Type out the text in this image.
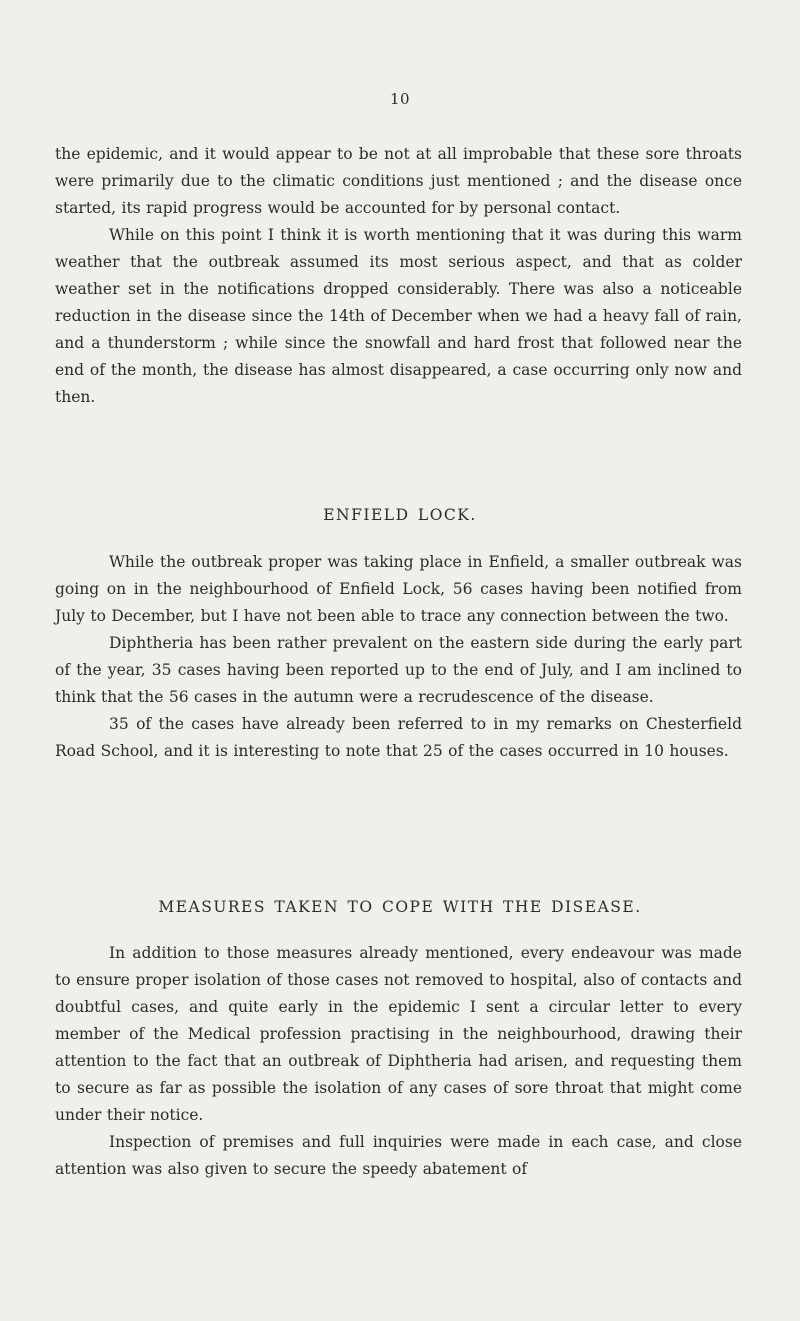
10

the epidemic, and it would appear to be not at all improbable that these sore throats were primarily due to the climatic conditions just mentioned ; and the disease once started, its rapid progress would be accounted for by personal contact.

While on this point I think it is worth mentioning that it was during this warm weather that the outbreak assumed its most serious aspect, and that as colder weather set in the notifications dropped considerably. There was also a noticeable reduction in the disease since the 14th of December when we had a heavy fall of rain, and a thunderstorm ; while since the snowfall and hard frost that followed near the end of the month, the disease has almost disappeared, a case occurring only now and then.

ENFIELD LOCK.

While the outbreak proper was taking place in Enfield, a smaller outbreak was going on in the neighbourhood of Enfield Lock, 56 cases having been notified from July to December, but I have not been able to trace any connection between the two.

Diphtheria has been rather prevalent on the eastern side during the early part of the year, 35 cases having been reported up to the end of July, and I am inclined to think that the 56 cases in the autumn were a recrudescence of the disease.

35 of the cases have already been referred to in my remarks on Chesterfield Road School, and it is interesting to note that 25 of the cases occurred in 10 houses.

MEASURES TAKEN TO COPE WITH THE DISEASE.

In addition to those measures already mentioned, every endeavour was made to ensure proper isolation of those cases not removed to hospital, also of contacts and doubtful cases, and quite early in the epidemic I sent a circular letter to every member of the Medical profession practising in the neighbourhood, drawing their attention to the fact that an outbreak of Diphtheria had arisen, and requesting them to secure as far as possible the isolation of any cases of sore throat that might come under their notice.

Inspection of premises and full inquiries were made in each case, and close attention was also given to secure the speedy abatement of
